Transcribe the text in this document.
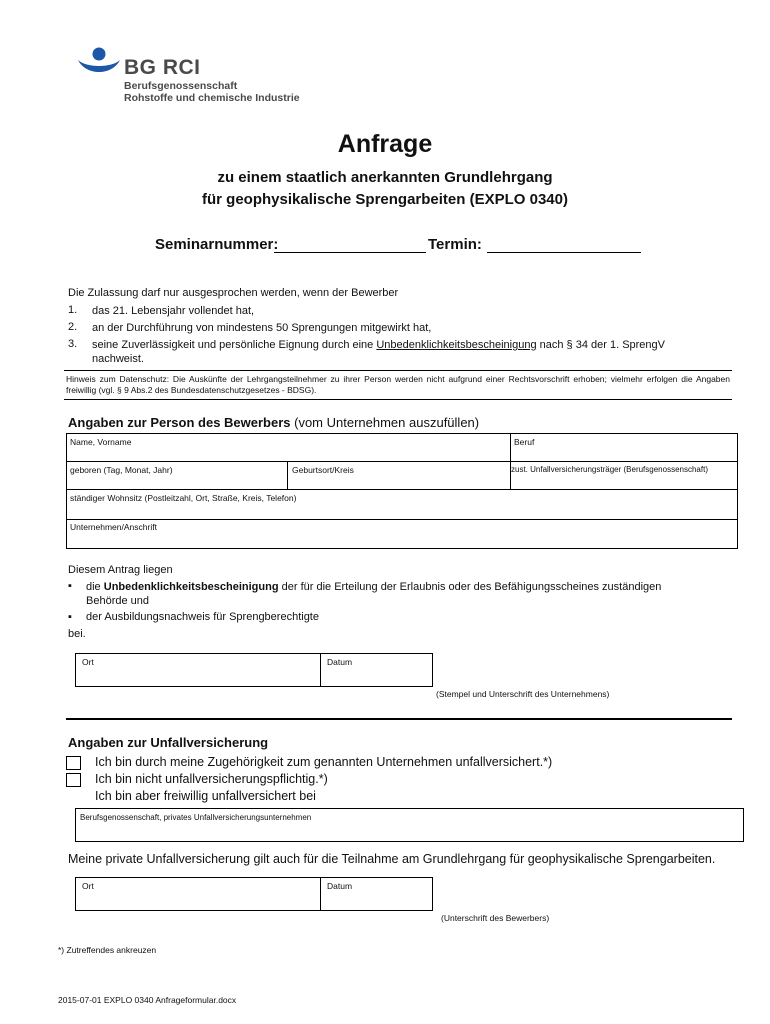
BG RCI
Berufsgenossenschaft
Rohstoffe und chemische Industrie
Anfrage
zu einem staatlich anerkannten Grundlehrgang
für geophysikalische Sprengarbeiten (EXPLO 0340)
Seminarnummer:	Termin:
Die Zulassung darf nur ausgesprochen werden, wenn der Bewerber
1. das 21. Lebensjahr vollendet hat,
2. an der Durchführung von mindestens 50 Sprengungen mitgewirkt hat,
3. seine Zuverlässigkeit und persönliche Eignung durch eine Unbedenklichkeitsbescheinigung nach § 34 der 1. SprengV
nachweist.
Hinweis zum Datenschutz: Die Auskünfte der Lehrgangsteilnehmer zu ihrer Person werden nicht aufgrund einer Rechtsvorschrift erhoben; vielmehr erfolgen die Angaben freiwillig (vgl. § 9 Abs.2 des Bundesdatenschutzgesetzes - BDSG).
Angaben zur Person des Bewerbers (vom Unternehmen auszufüllen)
Name, Vorname	Beruf
geboren (Tag, Monat, Jahr)	Geburtsort/Kreis	zust. Unfallversicherungsträger (Berufsgenossenschaft)
ständiger Wohnsitz (Postleitzahl, Ort, Straße, Kreis, Telefon)
Unternehmen/Anschrift
Diesem Antrag liegen
▪ die Unbedenklichkeitsbescheinigung der für die Erteilung der Erlaubnis oder des Befähigungsscheines zuständigen
Behörde und
▪ der Ausbildungsnachweis für Sprengberechtigte
bei.
Ort	Datum
(Stempel und Unterschrift des Unternehmens)
Angaben zur Unfallversicherung
Ich bin durch meine Zugehörigkeit zum genannten Unternehmen unfallversichert.*)
Ich bin nicht unfallversicherungspflichtig.*)
Ich bin aber freiwillig unfallversichert bei
Berufsgenossenschaft, privates Unfallversicherungsunternehmen
Meine private Unfallversicherung gilt auch für die Teilnahme am Grundlehrgang für geophysikalische Sprengarbeiten.
Ort	Datum
(Unterschrift des Bewerbers)
*) Zutreffendes ankreuzen
2015-07-01 EXPLO 0340 Anfrageformular.docx
